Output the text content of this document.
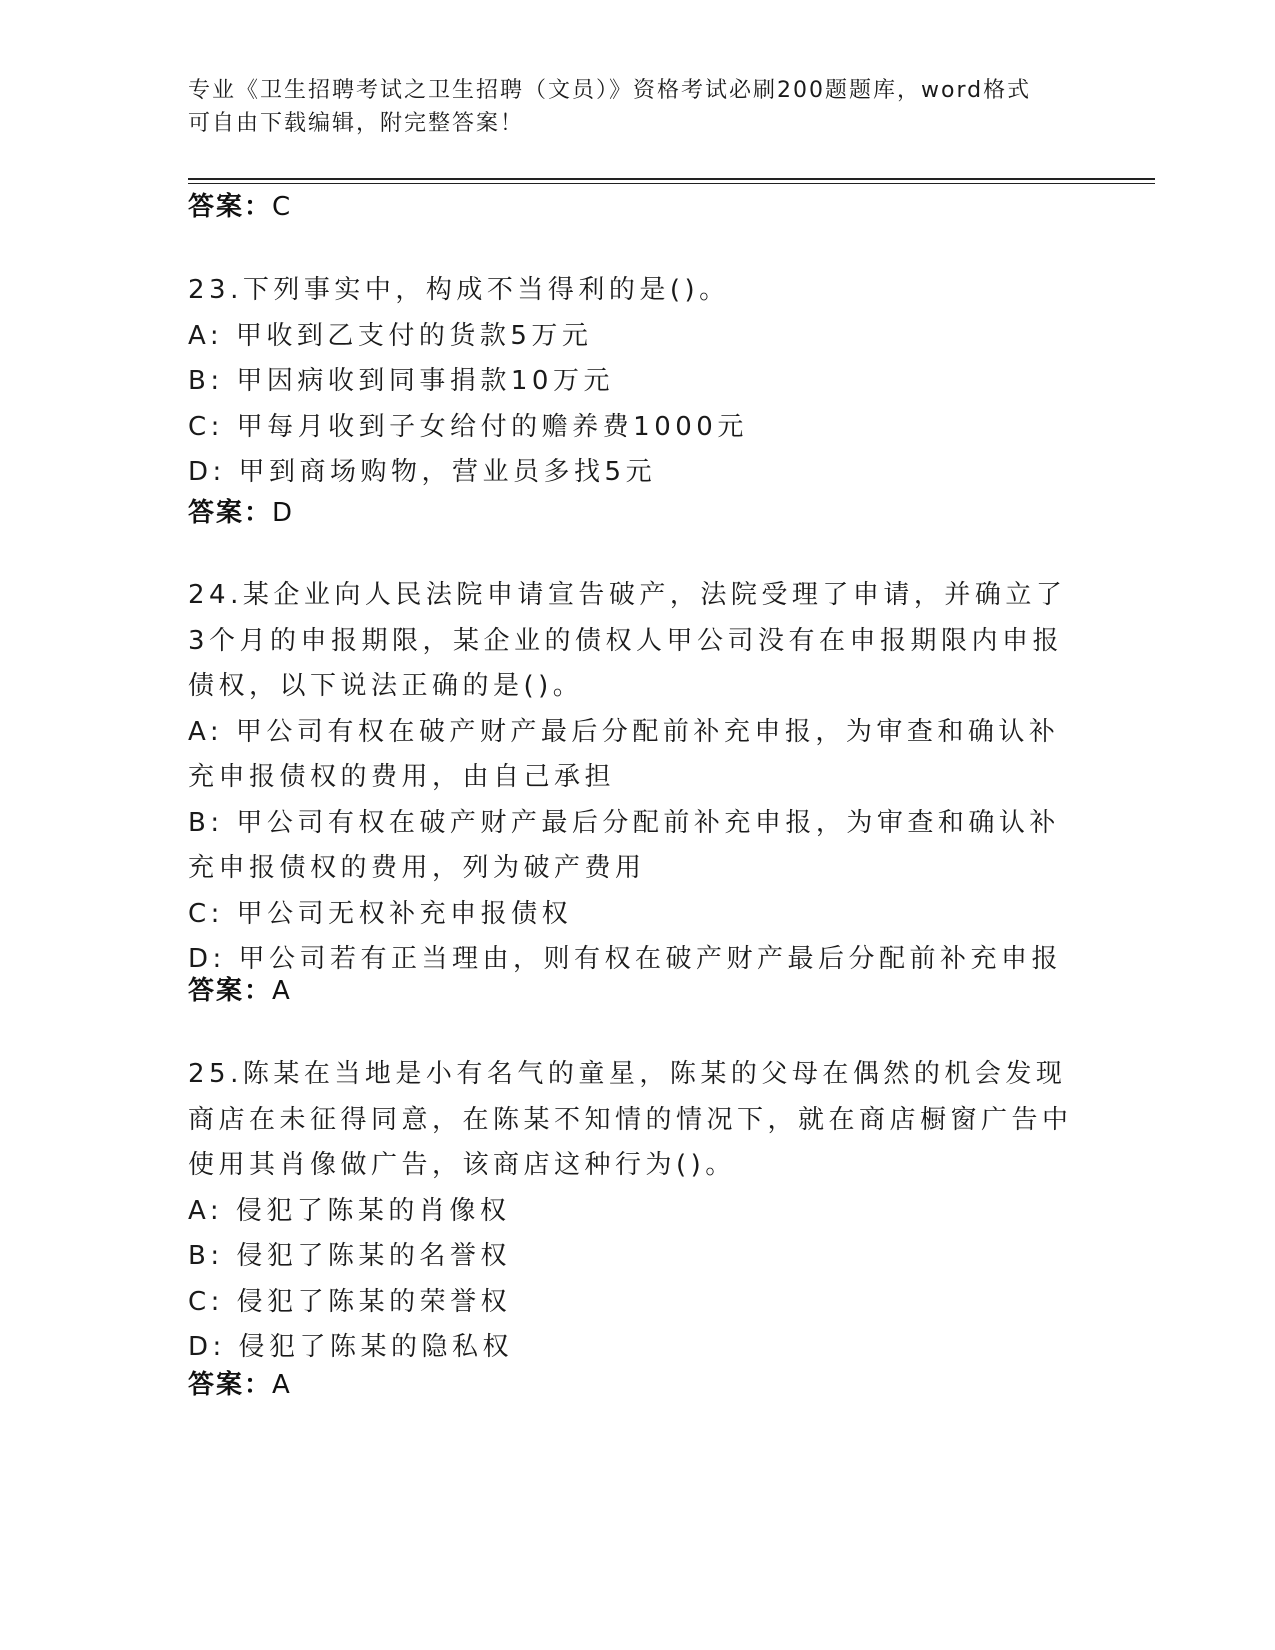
专业《卫生招聘考试之卫生招聘（文员）》资格考试必刷200题题库，word格式
可自由下载编辑，附完整答案！
答案：C
23.下列事实中，构成不当得利的是()。
A: 甲收到乙支付的货款5万元
B: 甲因病收到同事捐款10万元
C: 甲每月收到子女给付的赡养费1000元
D: 甲到商场购物，营业员多找5元
答案：D
24.某企业向人民法院申请宣告破产，法院受理了申请，并确立了3个月的申报期限，某企业的债权人甲公司没有在申报期限内申报债权，以下说法正确的是()。
A: 甲公司有权在破产财产最后分配前补充申报，为审查和确认补充申报债权的费用，由自己承担
B: 甲公司有权在破产财产最后分配前补充申报，为审查和确认补充申报债权的费用，列为破产费用
C: 甲公司无权补充申报债权
D: 甲公司若有正当理由，则有权在破产财产最后分配前补充申报
答案：A
25.陈某在当地是小有名气的童星，陈某的父母在偶然的机会发现商店在未征得同意，在陈某不知情的情况下，就在商店橱窗广告中使用其肖像做广告，该商店这种行为()。
A: 侵犯了陈某的肖像权
B: 侵犯了陈某的名誉权
C: 侵犯了陈某的荣誉权
D: 侵犯了陈某的隐私权
答案：A
